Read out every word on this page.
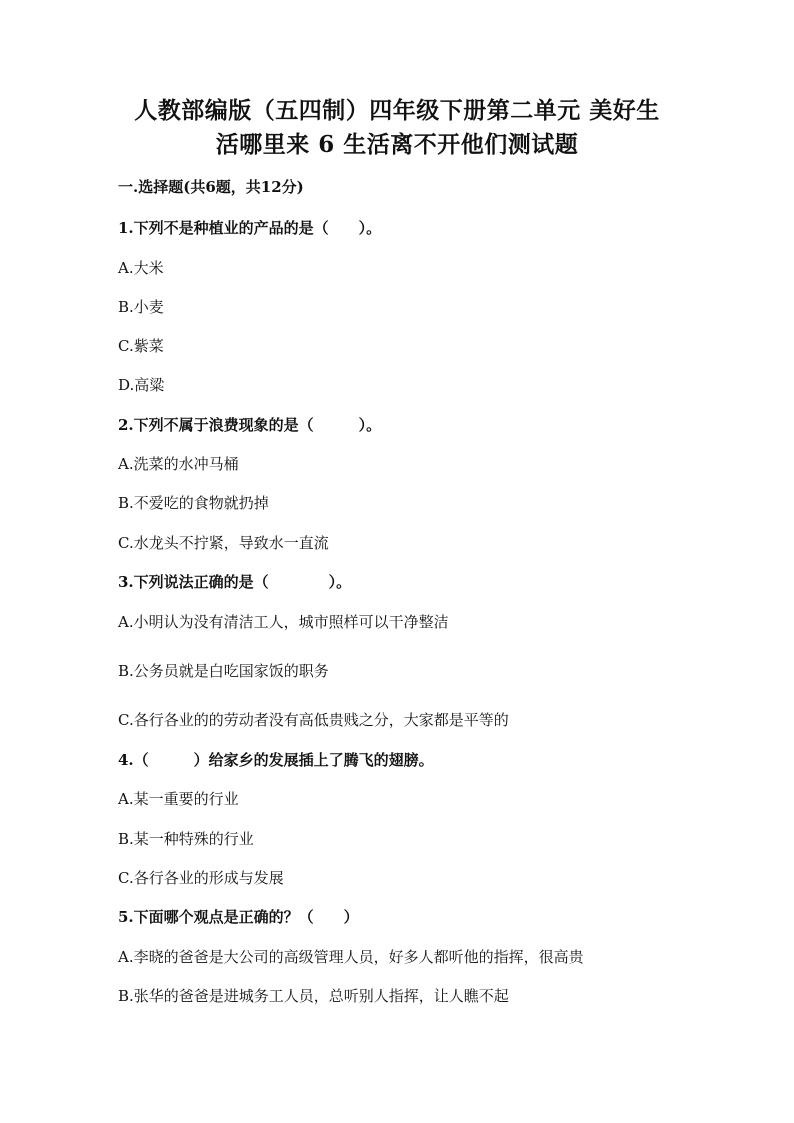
人教部编版（五四制）四年级下册第二单元 美好生
活哪里来 6 生活离不开他们测试题
一.选择题(共6题，共12分)
1.下列不是种植业的产品的是（　　）。
A.大米
B.小麦
C.紫菜
D.高粱
2.下列不属于浪费现象的是（　　　）。
A.洗菜的水冲马桶
B.不爱吃的食物就扔掉
C.水龙头不拧紧，导致水一直流
3.下列说法正确的是（　　　　）。
A.小明认为没有清洁工人，城市照样可以干净整洁
B.公务员就是白吃国家饭的职务
C.各行各业的的劳动者没有高低贵贱之分，大家都是平等的
4.（　　　）给家乡的发展插上了腾飞的翅膀。
A.某一重要的行业
B.某一种特殊的行业
C.各行各业的形成与发展
5.下面哪个观点是正确的？（　　）
A.李晓的爸爸是大公司的高级管理人员，好多人都听他的指挥，很高贵
B.张华的爸爸是进城务工人员，总听别人指挥，让人瞧不起
